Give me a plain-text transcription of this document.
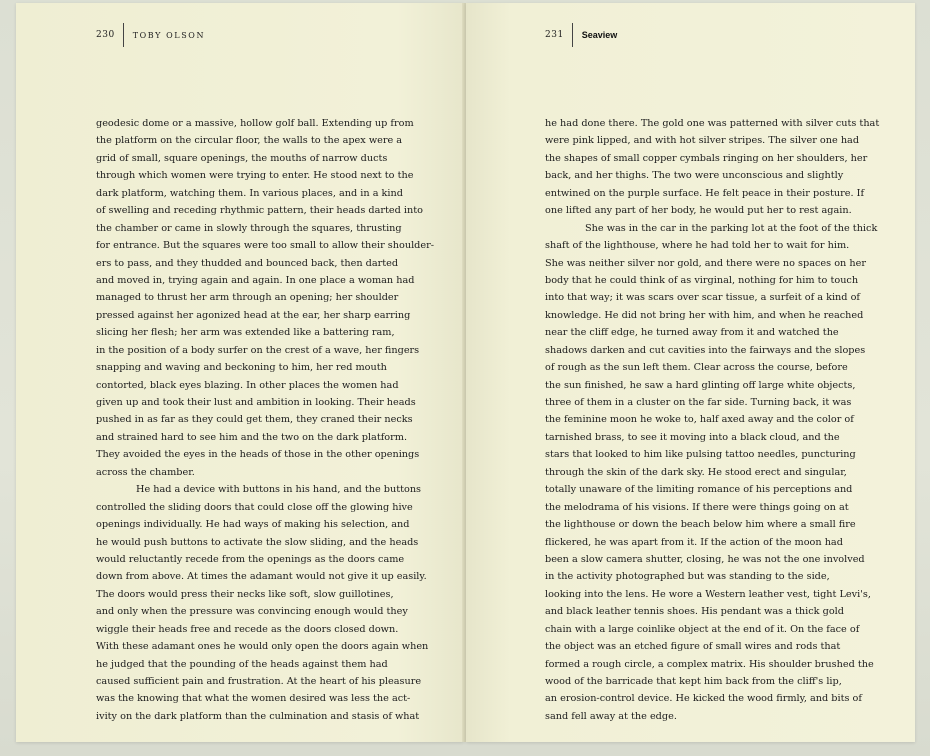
230	TOBY OLSON
geodesic dome or a massive, hollow golf ball. Extending up from
the platform on the circular floor, the walls to the apex were a
grid of small, square openings, the mouths of narrow ducts
through which women were trying to enter. He stood next to the
dark platform, watching them. In various places, and in a kind
of swelling and receding rhythmic pattern, their heads darted into
the chamber or came in slowly through the squares, thrusting
for entrance. But the squares were too small to allow their shoulder-
ers to pass, and they thudded and bounced back, then darted
and moved in, trying again and again. In one place a woman had
managed to thrust her arm through an opening; her shoulder
pressed against her agonized head at the ear, her sharp earring
slicing her flesh; her arm was extended like a battering ram,
in the position of a body surfer on the crest of a wave, her fingers
snapping and waving and beckoning to him, her red mouth
contorted, black eyes blazing. In other places the women had
given up and took their lust and ambition in looking. Their heads
pushed in as far as they could get them, they craned their necks
and strained hard to see him and the two on the dark platform.
They avoided the eyes in the heads of those in the other openings
across the chamber.
He had a device with buttons in his hand, and the buttons
controlled the sliding doors that could close off the glowing hive
openings individually. He had ways of making his selection, and
he would push buttons to activate the slow sliding, and the heads
would reluctantly recede from the openings as the doors came
down from above. At times the adamant would not give it up easily.
The doors would press their necks like soft, slow guillotines,
and only when the pressure was convincing enough would they
wiggle their heads free and recede as the doors closed down.
With these adamant ones he would only open the doors again when
he judged that the pounding of the heads against them had
caused sufficient pain and frustration. At the heart of his pleasure
was the knowing that what the women desired was less the act-
ivity on the dark platform than the culmination and stasis of what
231	Seaview
he had done there. The gold one was patterned with silver cuts that
were pink lipped, and with hot silver stripes. The silver one had
the shapes of small copper cymbals ringing on her shoulders, her
back, and her thighs. The two were unconscious and slightly
entwined on the purple surface. He felt peace in their posture. If
one lifted any part of her body, he would put her to rest again.
She was in the car in the parking lot at the foot of the thick
shaft of the lighthouse, where he had told her to wait for him.
She was neither silver nor gold, and there were no spaces on her
body that he could think of as virginal, nothing for him to touch
into that way; it was scars over scar tissue, a surfeit of a kind of
knowledge. He did not bring her with him, and when he reached
near the cliff edge, he turned away from it and watched the
shadows darken and cut cavities into the fairways and the slopes
of rough as the sun left them. Clear across the course, before
the sun finished, he saw a hard glinting off large white objects,
three of them in a cluster on the far side. Turning back, it was
the feminine moon he woke to, half axed away and the color of
tarnished brass, to see it moving into a black cloud, and the
stars that looked to him like pulsing tattoo needles, puncturing
through the skin of the dark sky. He stood erect and singular,
totally unaware of the limiting romance of his perceptions and
the melodrama of his visions. If there were things going on at
the lighthouse or down the beach below him where a small fire
flickered, he was apart from it. If the action of the moon had
been a slow camera shutter, closing, he was not the one involved
in the activity photographed but was standing to the side,
looking into the lens. He wore a Western leather vest, tight Levi's,
and black leather tennis shoes. His pendant was a thick gold
chain with a large coinlike object at the end of it. On the face of
the object was an etched figure of small wires and rods that
formed a rough circle, a complex matrix. His shoulder brushed the
wood of the barricade that kept him back from the cliff's lip,
an erosion-control device. He kicked the wood firmly, and bits of
sand fell away at the edge.
